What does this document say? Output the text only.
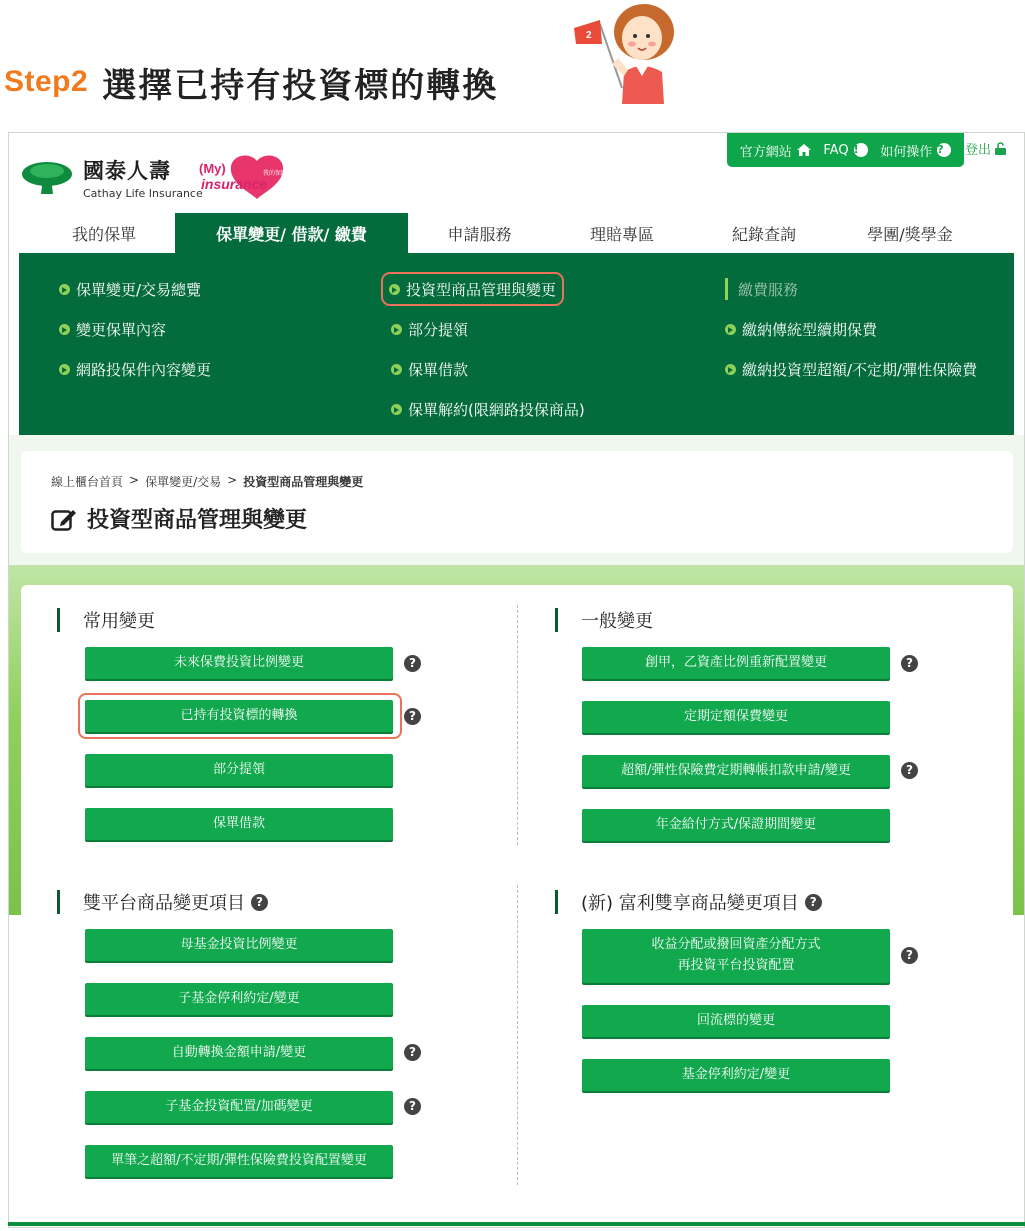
Step2 選擇已持有投資標的轉換
2
官方網站 FAQ !	如何操作 ?	登出
國泰人壽
Cathay Life Insurance
(My)	我的保險
insurance
我的保單	保單變更/ 借款/ 繳費	申請服務	理賠專區	紀錄查詢	學團/獎學金
保單變更/交易總覽
變更保單內容
網路投保件內容變更
投資型商品管理與變更
部分提領
保單借款
保單解約(限網路投保商品)
繳費服務
繳納傳統型續期保費
繳納投資型超額/不定期/彈性保險費
線上櫃台首頁 > 保單變更/交易 > 投資型商品管理與變更
投資型商品管理與變更
常用變更
未來保費投資比例變更	?
已持有投資標的轉換	?
部分提領
保單借款
一般變更
創甲，乙資產比例重新配置變更	?
定期定額保費變更
超額/彈性保險費定期轉帳扣款申請/變更	?
年金給付方式/保證期間變更
雙平台商品變更項目 ?
母基金投資比例變更
子基金停利約定/變更
自動轉換金額申請/變更	?
子基金投資配置/加碼變更	?
單筆之超額/不定期/彈性保險費投資配置變更
(新) 富利雙享商品變更項目 ?
收益分配或撥回資產分配方式
再投資平台投資配置
?
回流標的變更
基金停利約定/變更
